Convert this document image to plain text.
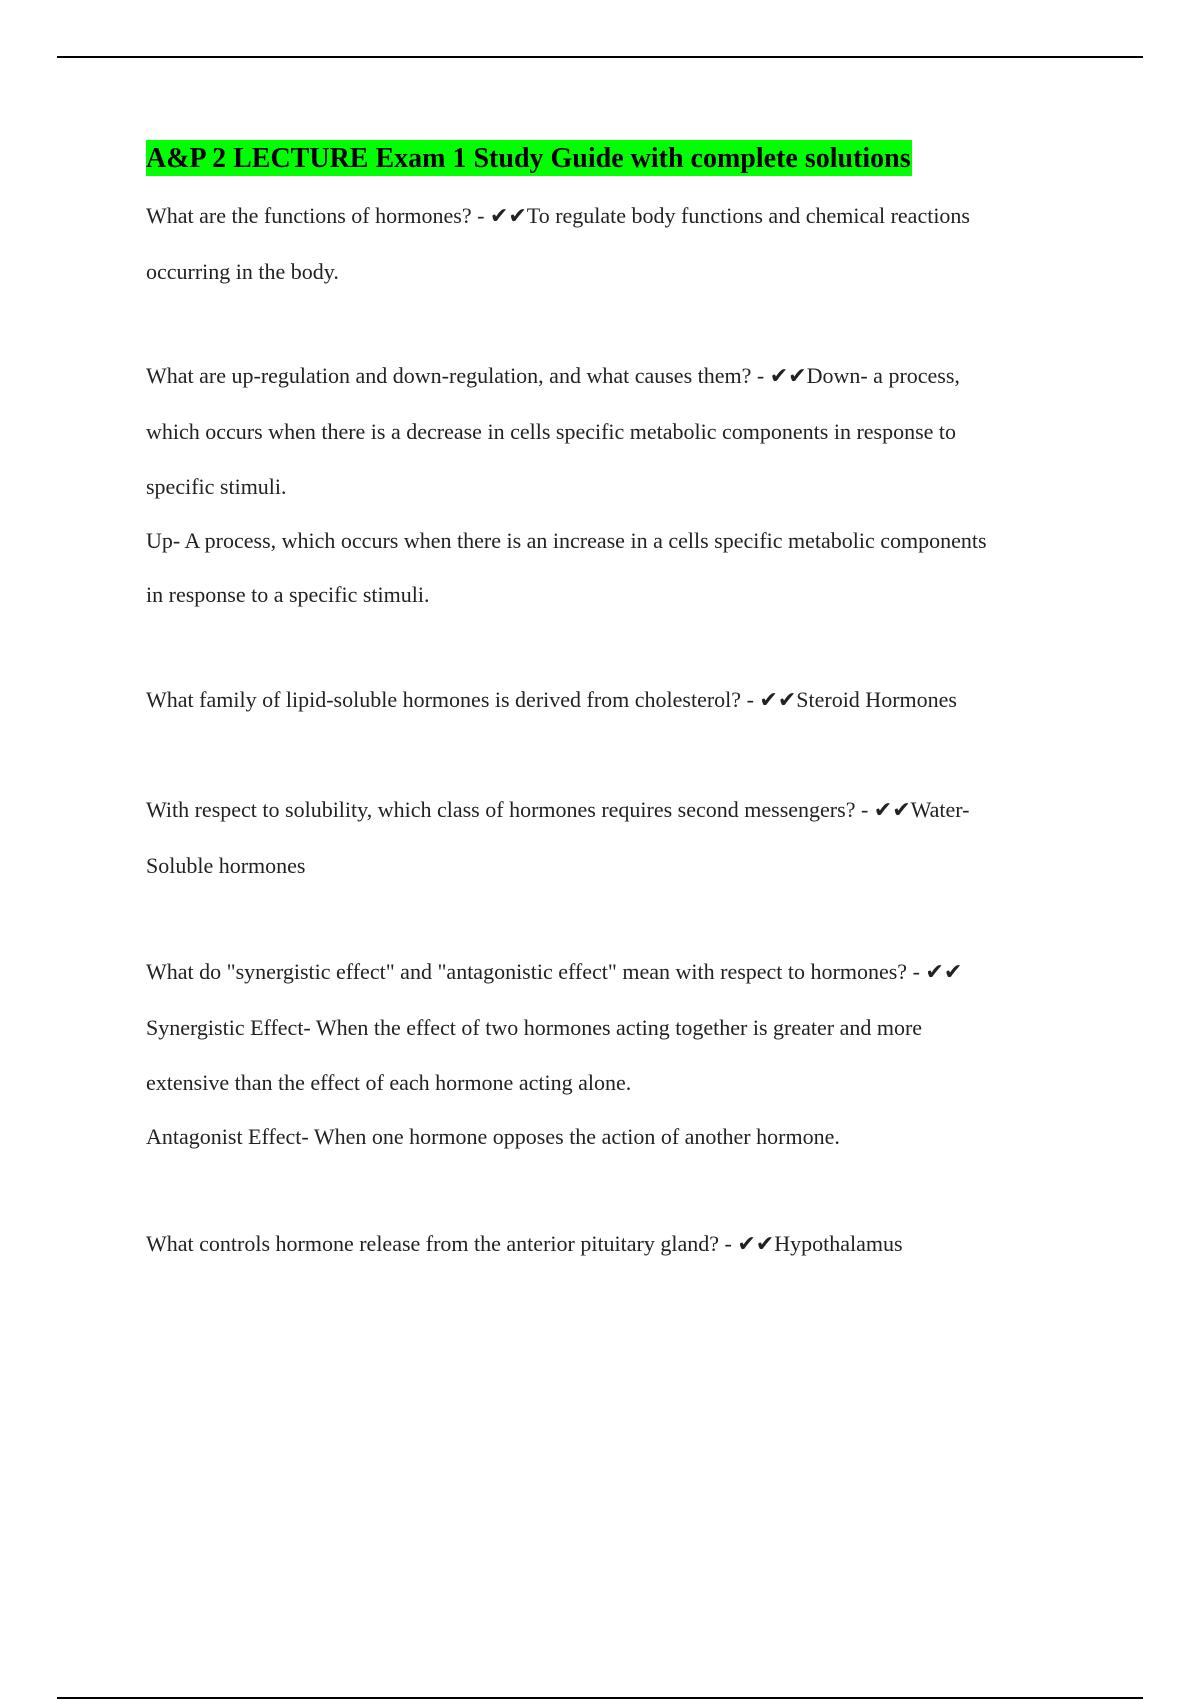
A&P 2 LECTURE Exam 1 Study Guide with complete solutions
What are the functions of hormones? - ✔✔To regulate body functions and chemical reactions
occurring in the body.
What are up-regulation and down-regulation, and what causes them? - ✔✔Down- a process,
which occurs when there is a decrease in cells specific metabolic components in response to
specific stimuli.
Up- A process, which occurs when there is an increase in a cells specific metabolic components
in response to a specific stimuli.
What family of lipid-soluble hormones is derived from cholesterol? - ✔✔Steroid Hormones
With respect to solubility, which class of hormones requires second messengers? - ✔✔Water-
Soluble hormones
What do "synergistic effect" and "antagonistic effect" mean with respect to hormones? - ✔✔
Synergistic Effect- When the effect of two hormones acting together is greater and more
extensive than the effect of each hormone acting alone.
Antagonist Effect- When one hormone opposes the action of another hormone.
What controls hormone release from the anterior pituitary gland? - ✔✔Hypothalamus
